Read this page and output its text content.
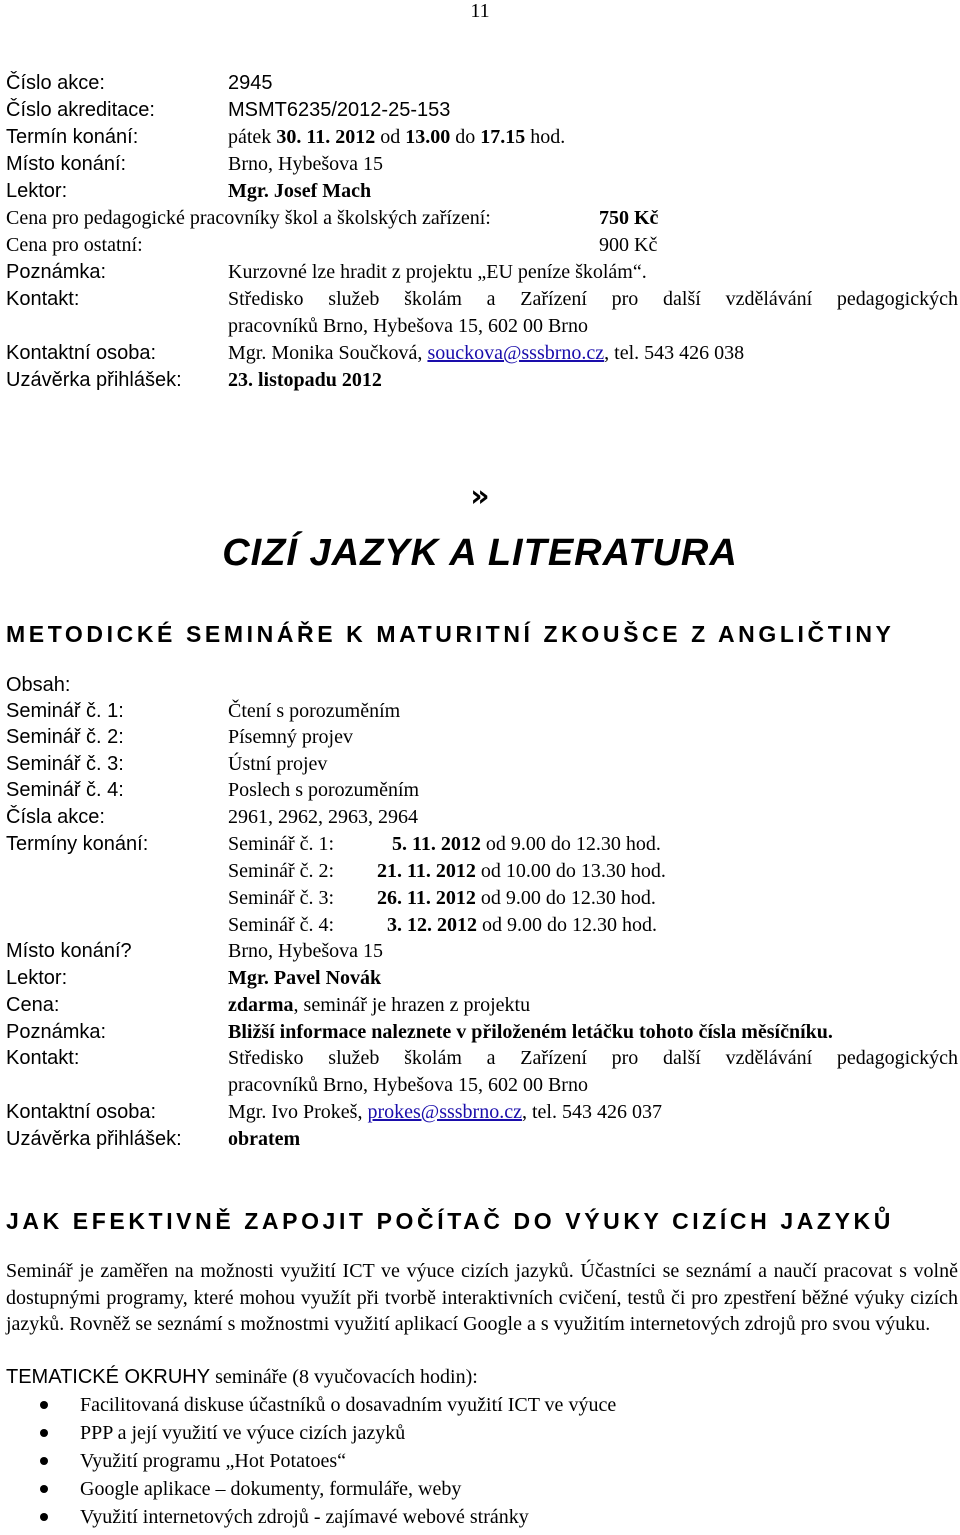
11
Číslo akce:	2945
Číslo akreditace:	MSMT6235/2012-25-153
Termín konání:	pátek 30. 11. 2012 od 13.00 do 17.15 hod.
Místo konání:	Brno, Hybešova 15
Lektor:	Mgr. Josef Mach
Cena pro pedagogické pracovníky škol a školských zařízení:	750 Kč
Cena pro ostatní:	900 Kč
Poznámka:	Kurzovné lze hradit z projektu „EU peníze školám“.
Kontakt:	Středisko služeb školám a Zařízení pro další vzdělávání pedagogických
pracovníků Brno, Hybešova 15, 602 00 Brno
Kontaktní osoba:	Mgr. Monika Součková, souckova@sssbrno.cz, tel. 543 426 038
Uzávěrka přihlášek: 23. listopadu 2012
»
CIZÍ JAZYK A LITERATURA
METODICKÉ SEMINÁŘE K MATURITNÍ ZKOUŠCE Z ANGLIČTINY
Obsah:
Seminář č. 1:	Čtení s porozuměním
Seminář č. 2:	Písemný projev
Seminář č. 3:	Ústní projev
Seminář č. 4:	Poslech s porozuměním
Čísla akce:	2961, 2962, 2963, 2964
Termíny konání:	Seminář č. 1:	5. 11. 2012 od 9.00 do 12.30 hod.
Seminář č. 2: 21. 11. 2012 od 10.00 do 13.30 hod.
Seminář č. 3: 26. 11. 2012 od 9.00 do 12.30 hod.
Seminář č. 4:	3. 12. 2012 od 9.00 do 12.30 hod.
Místo konání?	Brno, Hybešova 15
Lektor:	Mgr. Pavel Novák
Cena:	zdarma, seminář je hrazen z projektu
Poznámka:	Bližší informace naleznete v přiloženém letáčku tohoto čísla měsíčníku.
Kontakt:	Středisko služeb školám a Zařízení pro další vzdělávání pedagogických
pracovníků Brno, Hybešova 15, 602 00 Brno
Kontaktní osoba:	Mgr. Ivo Prokeš, prokes@sssbrno.cz, tel. 543 426 037
Uzávěrka přihlášek: obratem
JAK EFEKTIVNĚ ZAPOJIT POČÍTAČ DO VÝUKY CIZÍCH JAZYKŮ
Seminář je zaměřen na možnosti využití ICT ve výuce cizích jazyků. Účastníci se seznámí a naučí pracovat s volně dostupnými programy, které mohou využít při tvorbě interaktivních cvičení, testů či pro zpestření běžné výuky cizích jazyků. Rovněž se seznámí s možnostmi využití aplikací Google a s využitím internetových zdrojů pro svou výuku.
TEMATICKÉ OKRUHY semináře (8 vyučovacích hodin):
Facilitovaná diskuse účastníků o dosavadním využití ICT ve výuce
PPP a její využití ve výuce cizích jazyků
Využití programu „Hot Potatoes“
Google aplikace – dokumenty, formuláře, weby
Využití internetových zdrojů - zajímavé webové stránky
